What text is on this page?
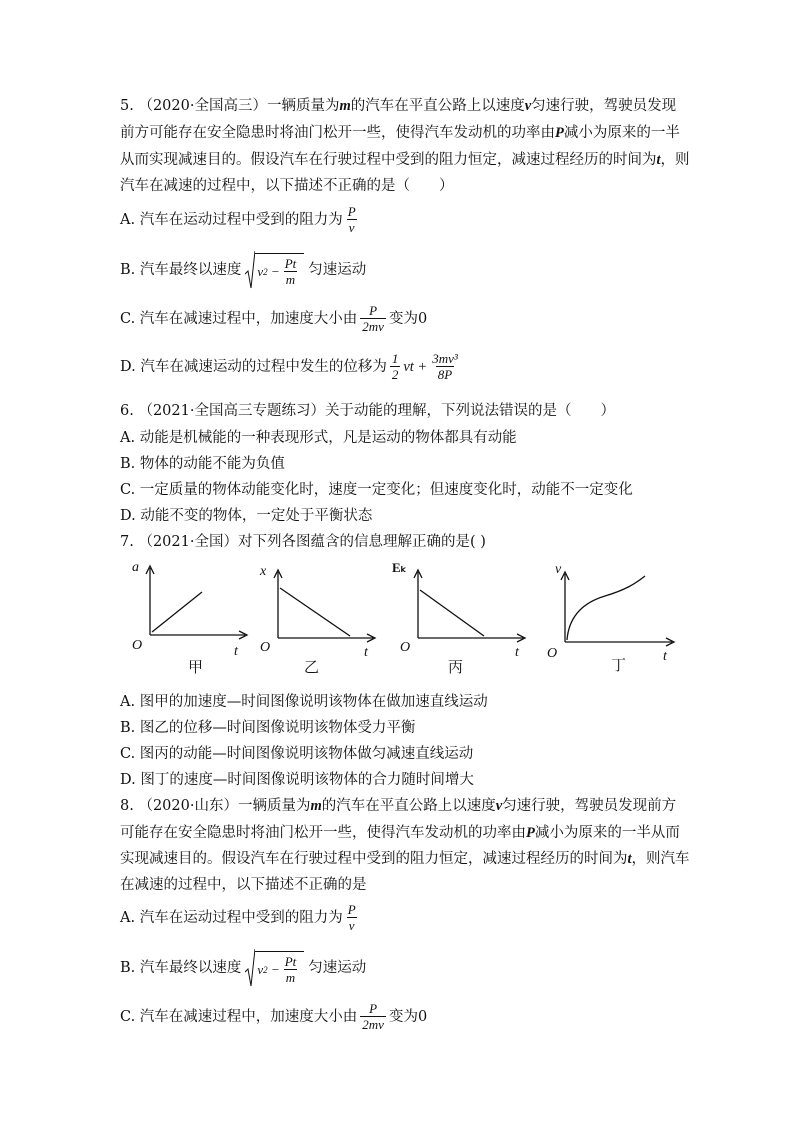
5. （2020·全国高三）一辆质量为m的汽车在平直公路上以速度v匀速行驶，驾驶员发现
前方可能存在安全隐患时将油门松开一些，使得汽车发动机的功率由P减小为原来的一半
从而实现减速目的。假设汽车在行驶过程中受到的阻力恒定，减速过程经历的时间为t，则
汽车在减速的过程中，以下描述不正确的是（　　）
A. 汽车在运动过程中受到的阻力为 $\frac{P}{v}$
B. 汽车最终以速度 v 2
− $\frac{Pt}{m}$ 匀速运动
C. 汽车在减速过程中，加速度大小由 $\frac{P}{2mv}$ 变为0
D. 汽车在减速运动的过程中发生的位移为 $\frac{1}{2}$ vt + $\frac{\text{3mv³}}{8P}$
6. （2021·全国高三专题练习）关于动能的理解，下列说法错误的是（　　）
A. 动能是机械能的一种表现形式，凡是运动的物体都具有动能
B. 物体的动能不能为负值
C. 一定质量的物体动能变化时，速度一定变化；但速度变化时，动能不一定变化
D. 动能不变的物体，一定处于平衡状态
7. （2021·全国）对下列各图蕴含的信息理解正确的是( )
a
t
O
甲
x
t
O
乙
Eₖ
t
O
丙
v
t
O
丁
A. 图甲的加速度—时间图像说明该物体在做加速直线运动
B. 图乙的位移—时间图像说明该物体受力平衡
C. 图丙的动能—时间图像说明该物体做匀减速直线运动
D. 图丁的速度—时间图像说明该物体的合力随时间增大
8. （2020·山东）一辆质量为m的汽车在平直公路上以速度v匀速行驶，驾驶员发现前方
可能存在安全隐患时将油门松开一些，使得汽车发动机的功率由P减小为原来的一半从而
实现减速目的。假设汽车在行驶过程中受到的阻力恒定，减速过程经历的时间为t，则汽车
在减速的过程中，以下描述不正确的是
A. 汽车在运动过程中受到的阻力为 $\frac{P}{v}$
B. 汽车最终以速度 v 2
− $\frac{Pt}{m}$ 匀速运动
C. 汽车在减速过程中，加速度大小由 $\frac{P}{2mv}$ 变为0
